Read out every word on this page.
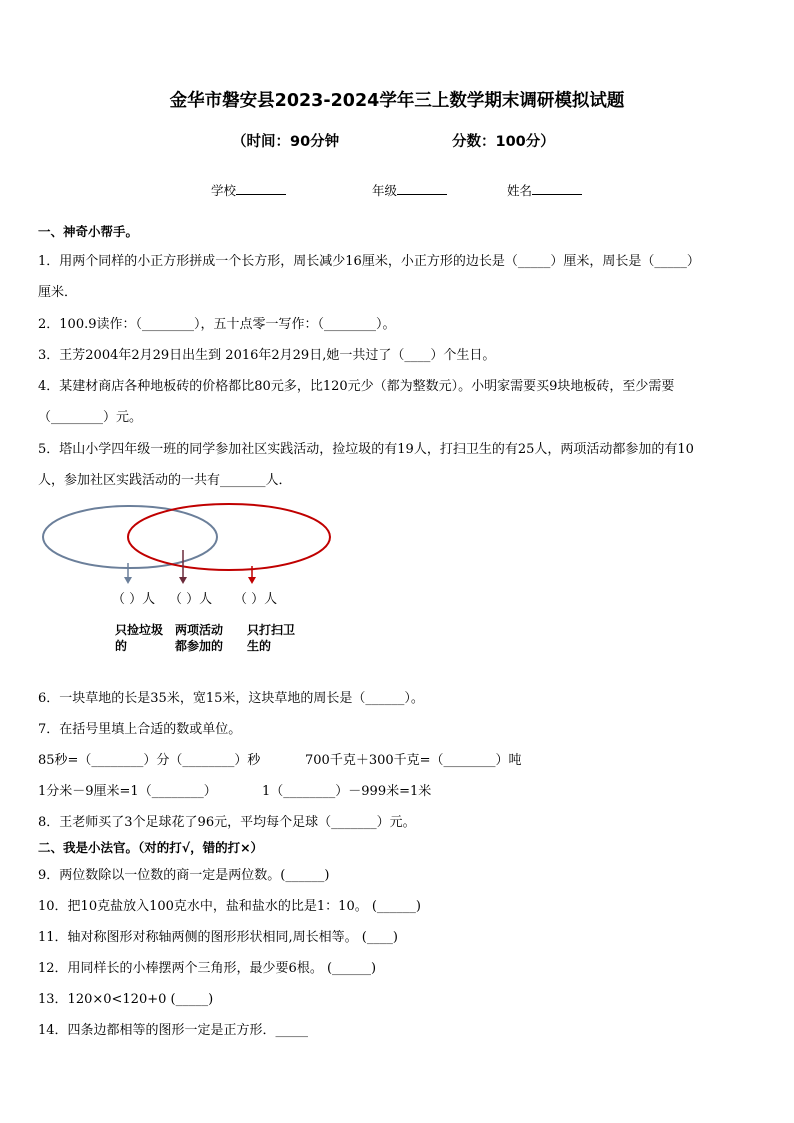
金华市磐安县2023-2024学年三上数学期末调研模拟试题
（时间：90分钟	分数：100分）
学校	年级	姓名
一、神奇小帮手。
1．用两个同样的小正方形拼成一个长方形，周长减少16厘米，小正方形的边长是（_____）厘米，周长是（_____）
厘米．
2．100.9读作：（________），五十点零一写作：（________）。
3．王芳2004年2月29日出生到 2016年2月29日,她一共过了（____）个生日。
4．某建材商店各种地板砖的价格都比80元多，比120元少（都为整数元）。小明家需要买9块地板砖，至少需要
（________）元。
5．塔山小学四年级一班的同学参加社区实践活动，捡垃圾的有19人，打扫卫生的有25人，两项活动都参加的有10
人，参加社区实践活动的一共有_______人．
（ ）人 （ ）人 （ ）人
只捡垃圾的
两项活动都参加的
只打扫卫生的
6．一块草地的长是35米，宽15米，这块草地的周长是（______）。
7．在括号里填上合适的数或单位。
85秒=（________）分（________）秒	700千克＋300千克=（________）吨
1分米－9厘米=1（________）	1（________）－999米=1米
8．王老师买了3个足球花了96元，平均每个足球（_______）元。
二、我是小法官。（对的打√，错的打×）
9．两位数除以一位数的商一定是两位数。(______)
10．把10克盐放入100克水中，盐和盐水的比是1：10。 (______)
11．轴对称图形对称轴两侧的图形形状相同,周长相等。 (____)
12．用同样长的小棒摆两个三角形，最少要6根。 (______)
13．120×0<120+0 (_____)
14．四条边都相等的图形一定是正方形．_____
